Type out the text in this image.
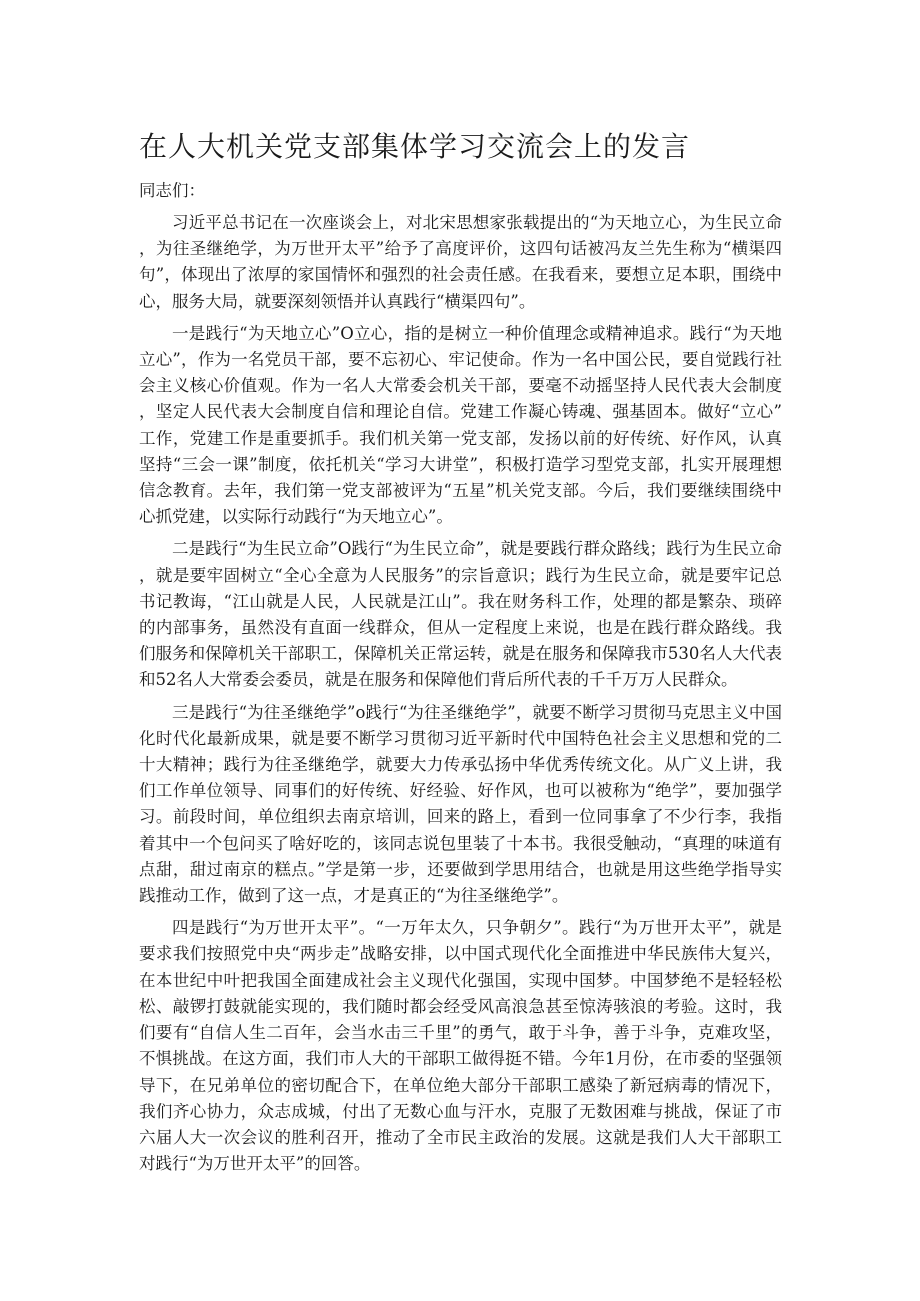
在人大机关党支部集体学习交流会上的发言

同志们：

习近平总书记在一次座谈会上，对北宋思想家张载提出的“为天地立心，为生民立命，为往圣继绝学，为万世开太平”给予了高度评价，这四句话被冯友兰先生称为“横渠四句”，体现出了浓厚的家国情怀和强烈的社会责任感。在我看来，要想立足本职，围绕中心，服务大局，就要深刻领悟并认真践行“横渠四句”。

一是践行“为天地立心”O立心，指的是树立一种价值理念或精神追求。践行“为天地立心”，作为一名党员干部，要不忘初心、牢记使命。作为一名中国公民，要自觉践行社会主义核心价值观。作为一名人大常委会机关干部，要毫不动摇坚持人民代表大会制度，坚定人民代表大会制度自信和理论自信。党建工作凝心铸魂、强基固本。做好“立心”工作，党建工作是重要抓手。我们机关第一党支部，发扬以前的好传统、好作风，认真坚持“三会一课”制度，依托机关“学习大讲堂”，积极打造学习型党支部，扎实开展理想信念教育。去年，我们第一党支部被评为“五星”机关党支部。今后，我们要继续围绕中心抓党建，以实际行动践行“为天地立心”。

二是践行“为生民立命”O践行“为生民立命”，就是要践行群众路线；践行为生民立命，就是要牢固树立“全心全意为人民服务”的宗旨意识；践行为生民立命，就是要牢记总书记教诲，“江山就是人民，人民就是江山”。我在财务科工作，处理的都是繁杂、琐碎的内部事务，虽然没有直面一线群众，但从一定程度上来说，也是在践行群众路线。我们服务和保障机关干部职工，保障机关正常运转，就是在服务和保障我市530名人大代表和52名人大常委会委员，就是在服务和保障他们背后所代表的千千万万人民群众。

三是践行“为往圣继绝学”o践行“为往圣继绝学”，就要不断学习贯彻马克思主义中国化时代化最新成果，就是要不断学习贯彻习近平新时代中国特色社会主义思想和党的二十大精神；践行为往圣继绝学，就要大力传承弘扬中华优秀传统文化。从广义上讲，我们工作单位领导、同事们的好传统、好经验、好作风，也可以被称为“绝学”，要加强学习。前段时间，单位组织去南京培训，回来的路上，看到一位同事拿了不少行李，我指着其中一个包问买了啥好吃的，该同志说包里装了十本书。我很受触动，“真理的味道有点甜，甜过南京的糕点。”学是第一步，还要做到学思用结合，也就是用这些绝学指导实践推动工作，做到了这一点，才是真正的“为往圣继绝学”。

四是践行“为万世开太平”。“一万年太久，只争朝夕”。践行“为万世开太平”，就是要求我们按照党中央“两步走”战略安排，以中国式现代化全面推进中华民族伟大复兴，在本世纪中叶把我国全面建成社会主义现代化强国，实现中国梦。中国梦绝不是轻轻松松、敲锣打鼓就能实现的，我们随时都会经受风高浪急甚至惊涛骇浪的考验。这时，我们要有“自信人生二百年，会当水击三千里”的勇气，敢于斗争，善于斗争，克难攻坚，不惧挑战。在这方面，我们市人大的干部职工做得挺不错。今年1月份，在市委的坚强领导下，在兄弟单位的密切配合下，在单位绝大部分干部职工感染了新冠病毒的情况下，我们齐心协力，众志成城，付出了无数心血与汗水，克服了无数困难与挑战，保证了市六届人大一次会议的胜利召开，推动了全市民主政治的发展。这就是我们人大干部职工对践行“为万世开太平”的回答。
